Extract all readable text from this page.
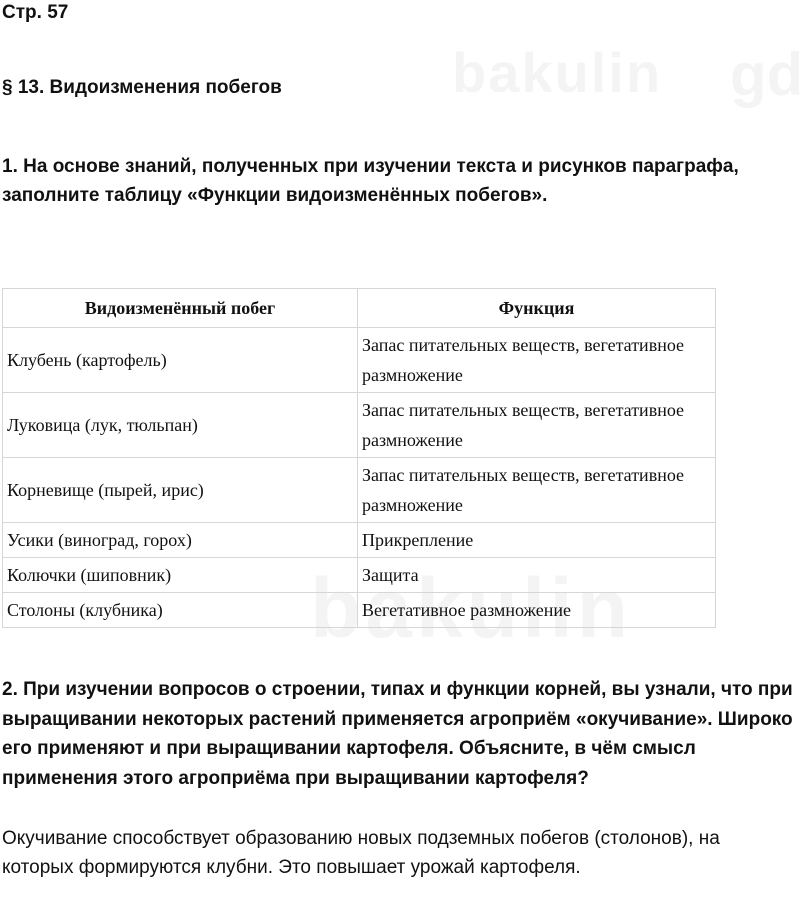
Стр. 57
§ 13. Видоизменения побегов
1. На основе знаний, полученных при изучении текста и рисунков параграфа, заполните таблицу «Функции видоизменённых побегов».
Видоизменённый побег	Функция
Клубень (картофель)	Запас питательных веществ, вегетативное размножение
Луковица (лук, тюльпан)	Запас питательных веществ, вегетативное размножение
Корневище (пырей, ирис)	Запас питательных веществ, вегетативное размножение
Усики (виноград, горох)	Прикрепление
Колючки (шиповник)	Защита
Столоны (клубника)	Вегетативное размножение
2. При изучении вопросов о строении, типах и функции корней, вы узнали, что при выращивании некоторых растений применяется агроприём «окучивание». Широко его применяют и при выращивании картофеля. Объясните, в чём смысл применения этого агроприёма при выращивании картофеля?
Окучивание способствует образованию новых подземных побегов (столонов), на которых формируются клубни. Это повышает урожай картофеля.
